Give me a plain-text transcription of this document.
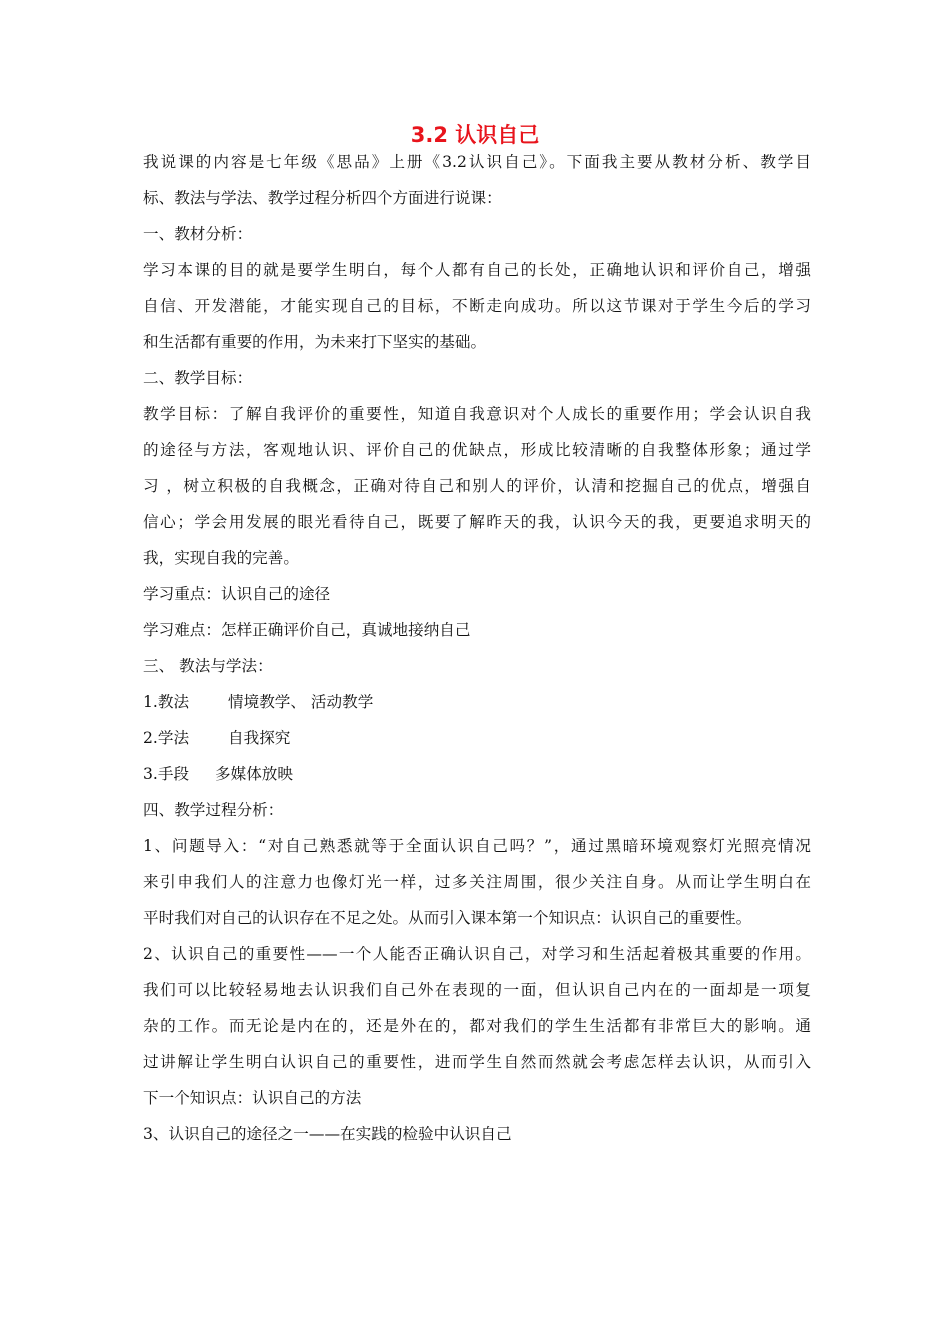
3.2 认识自己
我说课的内容是七年级《思品》上册《3.2认识自己》。下面我主要从教材分析、教学目
标、教法与学法、教学过程分析四个方面进行说课：
一、教材分析：
学习本课的目的就是要学生明白，每个人都有自己的长处，正确地认识和评价自己，增强
自信、开发潜能，才能实现自己的目标，不断走向成功。所以这节课对于学生今后的学习
和生活都有重要的作用，为未来打下坚实的基础。
二、教学目标：
教学目标：了解自我评价的重要性，知道自我意识对个人成长的重要作用；学会认识自我
的途径与方法，客观地认识、评价自己的优缺点，形成比较清晰的自我整体形象；通过学
习 ，树立积极的自我概念，正确对待自己和别人的评价，认清和挖掘自己的优点，增强自
信心；学会用发展的眼光看待自己，既要了解昨天的我，认识今天的我，更要追求明天的
我，实现自我的完善。
学习重点：认识自己的途径
学习难点：怎样正确评价自己，真诚地接纳自己
三、 教法与学法：
1.教法	情境教学、 活动教学
2.学法	自我探究
3.手段	多媒体放映
四、教学过程分析：
1、问题导入：“对自己熟悉就等于全面认识自己吗？”，通过黑暗环境观察灯光照亮情况
来引申我们人的注意力也像灯光一样，过多关注周围，很少关注自身。从而让学生明白在
平时我们对自己的认识存在不足之处。从而引入课本第一个知识点：认识自己的重要性。
2、认识自己的重要性——一个人能否正确认识自己，对学习和生活起着极其重要的作用。
我们可以比较轻易地去认识我们自己外在表现的一面，但认识自己内在的一面却是一项复
杂的工作。而无论是内在的，还是外在的，都对我们的学生生活都有非常巨大的影响。通
过讲解让学生明白认识自己的重要性，进而学生自然而然就会考虑怎样去认识，从而引入
下一个知识点：认识自己的方法
3、认识自己的途径之一——在实践的检验中认识自己
